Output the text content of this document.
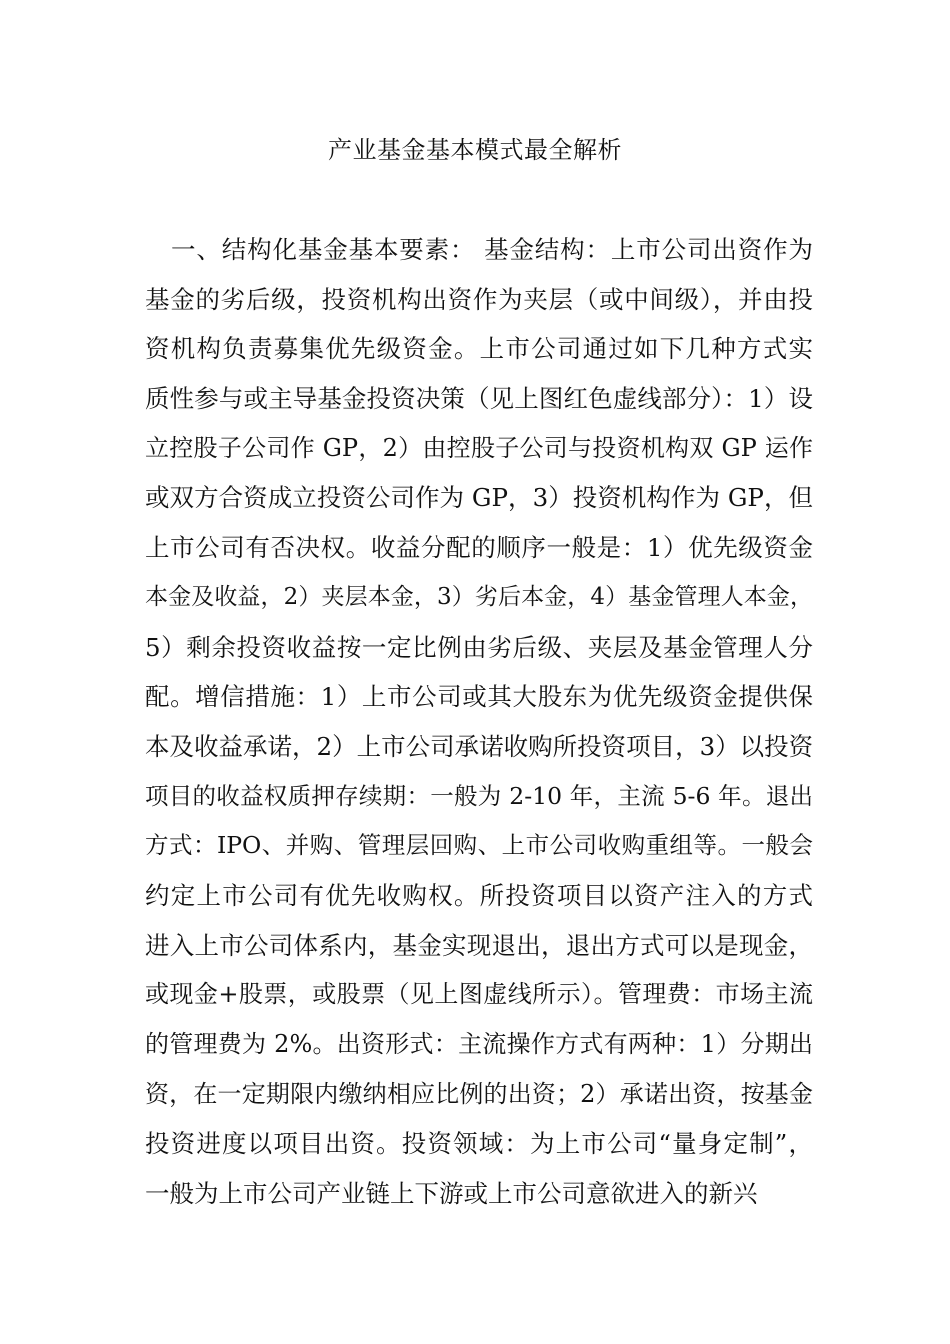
产业基金基本模式最全解析
一、结构化基金基本要素： 基金结构：上市公司出资作为
基金的劣后级，投资机构出资作为夹层（或中间级），并由投
资机构负责募集优先级资金。上市公司通过如下几种方式实
质性参与或主导基金投资决策（见上图红色虚线部分）：1）设
立控股子公司作 GP，2）由控股子公司与投资机构双 GP 运作
或双方合资成立投资公司作为 GP，3）投资机构作为 GP，但
上市公司有否决权。收益分配的顺序一般是：1）优先级资金
本金及收益，2）夹层本金，3）劣后本金，4）基金管理人本金，
5）剩余投资收益按一定比例由劣后级、夹层及基金管理人分
配。增信措施：1）上市公司或其大股东为优先级资金提供保
本及收益承诺，2）上市公司承诺收购所投资项目，3）以投资
项目的收益权质押存续期：一般为 2-10 年，主流 5-6 年。退出
方式：IPO、并购、管理层回购、上市公司收购重组等。一般会
约定上市公司有优先收购权。所投资项目以资产注入的方式
进入上市公司体系内，基金实现退出，退出方式可以是现金，
或现金+股票，或股票（见上图虚线所示）。管理费：市场主流
的管理费为 2%。出资形式：主流操作方式有两种：1）分期出
资，在一定期限内缴纳相应比例的出资；2）承诺出资，按基金
投资进度以项目出资。投资领域：为上市公司“量身定制”，
一般为上市公司产业链上下游或上市公司意欲进入的新兴
